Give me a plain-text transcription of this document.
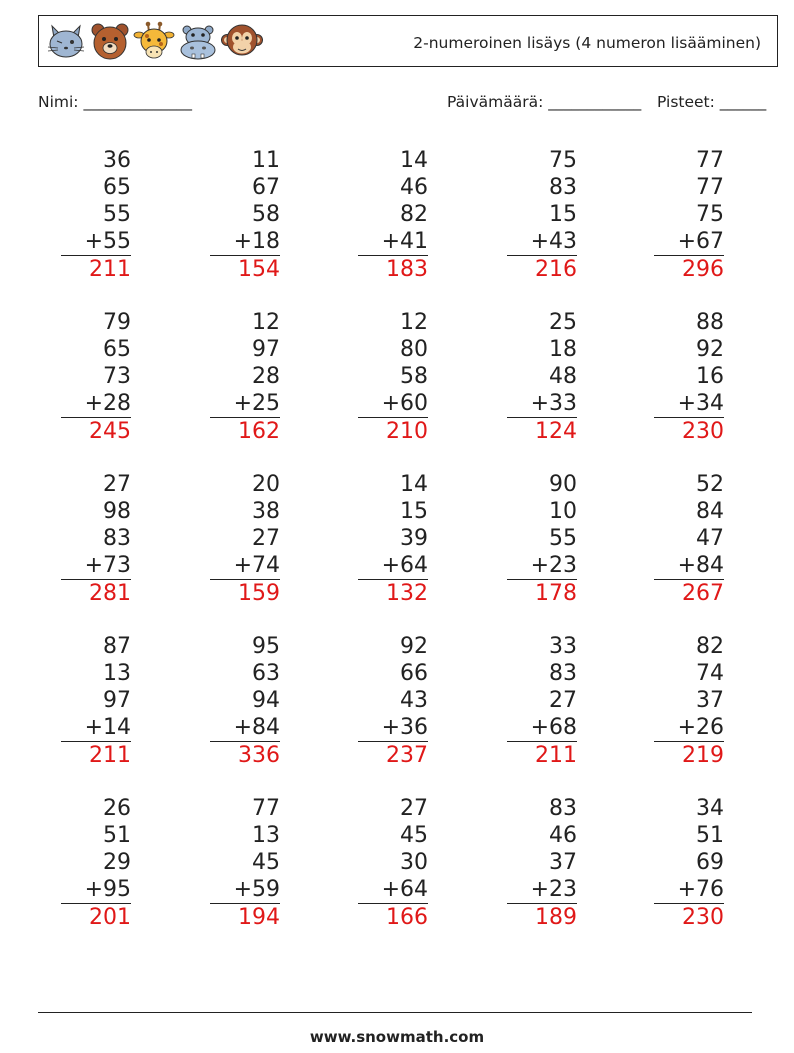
2-numeroinen lisäys (4 numeron lisääminen)
Nimi: ______________	Päivämäärä: ____________ Pisteet: ______
36
65
55
+55
211
11
67
58
+18
154
14
46
82
+41
183
75
83
15
+43
216
77
77
75
+67
296
79
65
73
+28
245
12
97
28
+25
162
12
80
58
+60
210
25
18
48
+33
124
88
92
16
+34
230
27
98
83
+73
281
20
38
27
+74
159
14
15
39
+64
132
90
10
55
+23
178
52
84
47
+84
267
87
13
97
+14
211
95
63
94
+84
336
92
66
43
+36
237
33
83
27
+68
211
82
74
37
+26
219
26
51
29
+95
201
77
13
45
+59
194
27
45
30
+64
166
83
46
37
+23
189
34
51
69
+76
230
www.snowmath.com
